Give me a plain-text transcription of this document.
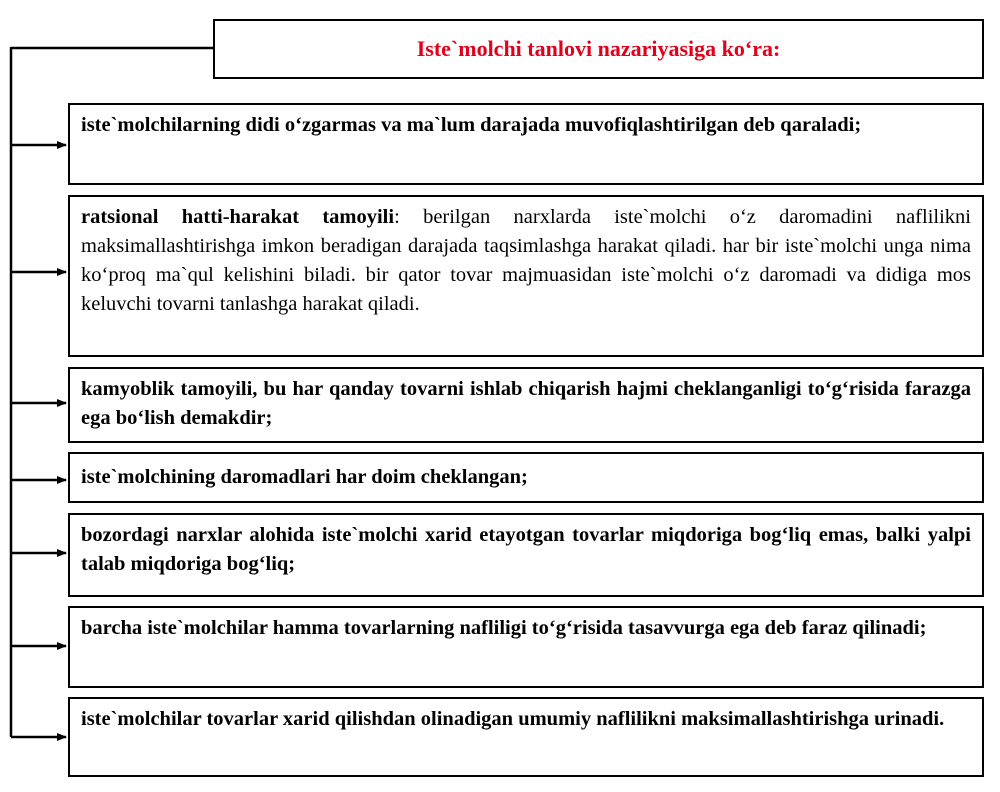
Iste`molchi tanlovi nazariyasiga ko‘ra:
iste`molchilarning didi o‘zgarmas va ma`lum darajada muvofiqlashtirilgan deb qaraladi;
ratsional hatti-harakat tamoyili: berilgan narxlarda iste`molchi o‘z daromadini naflilikni maksimallashtirishga imkon beradigan darajada taqsimlashga harakat qiladi. har bir iste`molchi unga nima ko‘proq ma`qul kelishini biladi. bir qator tovar majmuasidan iste`molchi o‘z daromadi va didiga mos keluvchi tovarni tanlashga harakat qiladi.
kamyoblik tamoyili, bu har qanday tovarni ishlab chiqarish hajmi cheklanganligi to‘g‘risida farazga ega bo‘lish demakdir;
iste`molchining daromadlari har doim cheklangan;
bozordagi narxlar alohida iste`molchi xarid etayotgan tovarlar miqdoriga bog‘liq emas, balki yalpi talab miqdoriga bog‘liq;
barcha iste`molchilar hamma tovarlarning nafliligi to‘g‘risida tasavvurga ega deb faraz qilinadi;
iste`molchilar tovarlar xarid qilishdan olinadigan umumiy naflilikni maksimallashtirishga urinadi.
